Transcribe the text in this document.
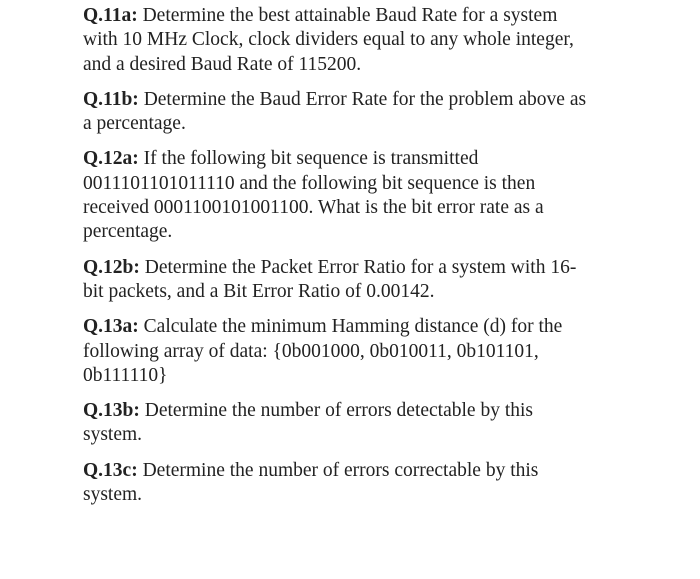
Q.11a: Determine the best attainable Baud Rate for a system
with 10 MHz Clock, clock dividers equal to any whole integer,
and a desired Baud Rate of 115200.

Q.11b: Determine the Baud Error Rate for the problem above as
a percentage.

Q.12a: If the following bit sequence is transmitted
0011101101011110 and the following bit sequence is then
received 0001100101001100. What is the bit error rate as a
percentage.

Q.12b: Determine the Packet Error Ratio for a system with 16-
bit packets, and a Bit Error Ratio of 0.00142.

Q.13a: Calculate the minimum Hamming distance (d) for the
following array of data: {0b001000, 0b010011, 0b101101,
0b111110}

Q.13b: Determine the number of errors detectable by this
system.

Q.13c: Determine the number of errors correctable by this
system.
